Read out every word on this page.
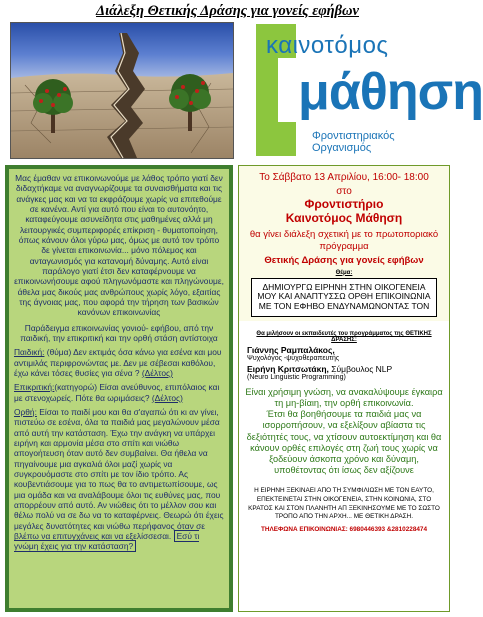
Διάλεξη Θετικής Δράσης για γονείς εφήβων
καινοτόμος
μάθηση
Φροντιστηριακός Οργανισμός

Μας έμαθαν να επικοινωνούμε με λάθος τρόπο γιατί δεν διδαχτήκαμε να αναγνωρίζουμε τα συναισθήματα και τις ανάγκες μας και να τα εκφράζουμε χωρίς να επιτεθούμε σε κανένα. Αντί για αυτό που είναι το αυτονόητο, καταφεύγουμε ασυνείδητα στις μαθημένες αλλά μη λειτουργικές συμπεριφορές επίκριση - θυματοποίηση, όπως κάνουν όλοι γύρω μας, όμως με αυτό τον τρόπο δε γίνεται επικοινωνία... μόνο πόλεμος και ανταγωνισμός για κατανομή δύναμης. Αυτό είναι παράλογο γιατί έτσι δεν καταφέρνουμε να επικοινωνήσουμε αφού πληγωνόμαστε και πληγώνουμε, άθελα μας δικούς μας ανθρώπους χωρίς λόγο, εξαιτίας της άγνοιας μας, που αφορά την τήρηση των βασικών κανόνων επικοινωνίας

Παράδειγμα επικοινωνίας γονιού- εφήβου, από την παιδική, την επικριτική και την ορθή στάση αντίστοιχα

Παιδική: (θύμα) Δεν εκτιμάς όσα κάνω για εσένα και μου αντιμιλάς περιφρονώντας με. Δεν με σέβεσαι καθόλου, έχω κάνει τόσες θυσίες για σένα ? (Δέλτος)

Επικριτική:(κατηγορώ) Είσαι ανεύθυνος, επιπόλαιος και με στενοχωρείς. Πότε θα ωριμάσεις? (Δέλτος)

Ορθή: Είσαι το παιδί μου και θα σ'αγαπώ ότι κι αν γίνει, πιστεύω σε εσένα, όλα τα παιδιά μας μεγαλώνουν μέσα από αυτή την κατάσταση. Έχω την ανάγκη να υπάρχει ειρήνη και αρμονία μέσα στο σπίτι και νιώθω απογοήτευση όταν αυτό δεν συμβαίνει. Θα ήθελα να πηγαίνουμε μια αγκαλιά όλοι μαζί χωρίς να συγκρουόμαστε στο σπίτι με τον ίδιο τρόπο. Ας κουβεντιάσουμε για το πως θα το αντιμετωπίσουμε, ως μια ομάδα και να αναλάβουμε όλοι τις ευθύνες μας, που απορρέουν από αυτό. Αν νιώθεις ότι το μέλλον σου και θέλω πολύ να σε δω να το καταφέρνεις. Θεωρώ ότι έχεις μεγάλες δυνατότητες και νιώθω περήφανος όταν σε βλέπω να επιτυγχάνεις και να εξελίσσεσαι. Εσύ τι γνώμη έχεις για την κατάσταση?

Το Σάββατο 13 Απριλίου, 16:00- 18:00
στο
Φροντιστήριο
Καινοτόμος Μάθηση
θα γίνει διάλεξη σχετική με το πρωτοποριακό πρόγραμμα
Θετικής Δράσης για γονείς εφήβων
Θέμα:
ΔΗΜΙΟΥΡΓΩ ΕΙΡΗΝΗ ΣΤΗΝ ΟΙΚΟΓΕΝΕΙΑ ΜΟΥ ΚΑΙ ΑΝΑΠΤΥΣΣΩ ΟΡΘΗ ΕΠΙΚΟΙΝΩΝΙΑ ΜΕ ΤΟΝ ΕΦΗΒΟ ΕΝΔΥΝΑΜΩΝΟΝΤΑΣ ΤΟΝ
Θα μιλήσουν οι εκπαιδευτές του προγράμματος της ΘΕΤΙΚΗΣ ΔΡΑΣΗΣ:
Γιάννης Ραμπαλάκος,
Ψυχολόγος -ψυχοθεραπευτής
Ειρήνη Κριτσωτάκη, Σύμβουλος NLP
(Neuro Linguistic Programming)
Είναι χρήσιμη γνώση, να ανακαλύψουμε έγκαιρα τη μη-βίαιη, την ορθή επικοινωνία.
Έτσι θα βοηθήσουμε τα παιδιά μας να ισορροπήσουν, να εξελίξουν αβίαστα τις δεξιότητές τους, να χτίσουν αυτοεκτίμηση και θα κάνουν ορθές επιλογές στη ζωή τους χωρίς να ξοδεύουν άσκοπα χρόνο και δύναμη, υποθέτοντας ότι ίσως δεν αξίζουνε
Η ΕΙΡΗΝΗ ΞΕΚΙΝΑΕΙ ΑΠΟ ΤΗ ΣΥΜΦΙΛΙΩΣΗ ΜΕ ΤΟΝ ΕΑΥΤΟ, ΕΠΕΚΤΕΙΝΕΤΑΙ ΣΤΗΝ ΟΙΚΟΓΕΝΕΙΑ, ΣΤΗΝ ΚΟΙΝΩΝΙΑ, ΣΤΟ ΚΡΑΤΟΣ ΚΑΙ ΣΤΟΝ ΠΛΑΝΗΤΗ ΑΠ ΞΕΚΙΝΗΣΟΥΜΕ ΜΕ ΤΟ ΣΩΣΤΟ ΤΡΟΠΟ ΑΠΟ ΤΗΝ ΑΡΧΗ... ΜΕ ΘΕΤΙΚΗ ΔΡΑΣΗ.
ΤΗΛΕΦΩΝΑ ΕΠΙΚΟΙΝΩΝΙΑΣ: 6980446393 &2810228474
